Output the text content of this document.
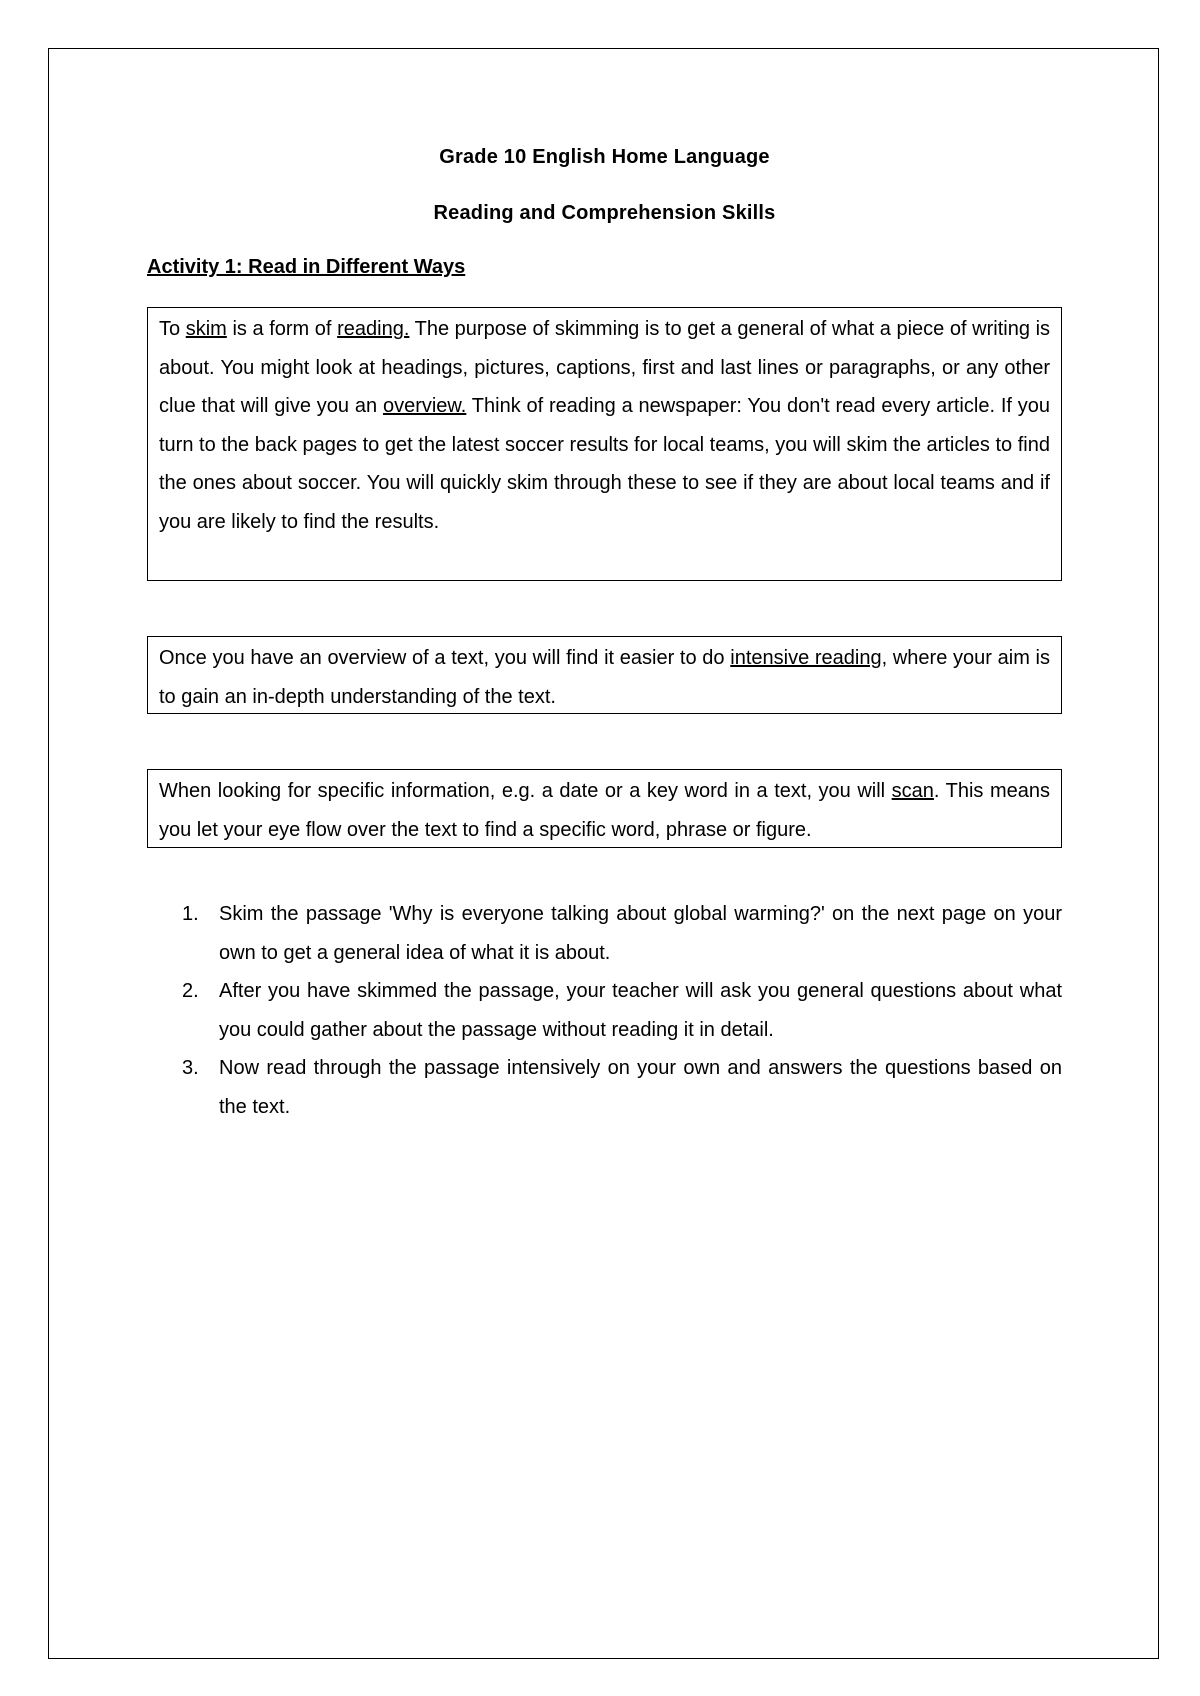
Grade 10 English Home Language
Reading and Comprehension Skills
Activity 1: Read in Different Ways

To skim is a form of reading. The purpose of skimming is to get a general of what a piece of writing is about. You might look at headings, pictures, captions, first and last lines or paragraphs, or any other clue that will give you an overview. Think of reading a newspaper: You don't read every article. If you turn to the back pages to get the latest soccer results for local teams, you will skim the articles to find the ones about soccer. You will quickly skim through these to see if they are about local teams and if you are likely to find the results.

Once you have an overview of a text, you will find it easier to do intensive reading, where your aim is to gain an in-depth understanding of the text.

When looking for specific information, e.g. a date or a key word in a text, you will scan. This means you let your eye flow over the text to find a specific word, phrase or figure.

1. Skim the passage 'Why is everyone talking about global warming?' on the next page on your own to get a general idea of what it is about.
2. After you have skimmed the passage, your teacher will ask you general questions about what you could gather about the passage without reading it in detail.
3. Now read through the passage intensively on your own and answers the questions based on the text.
